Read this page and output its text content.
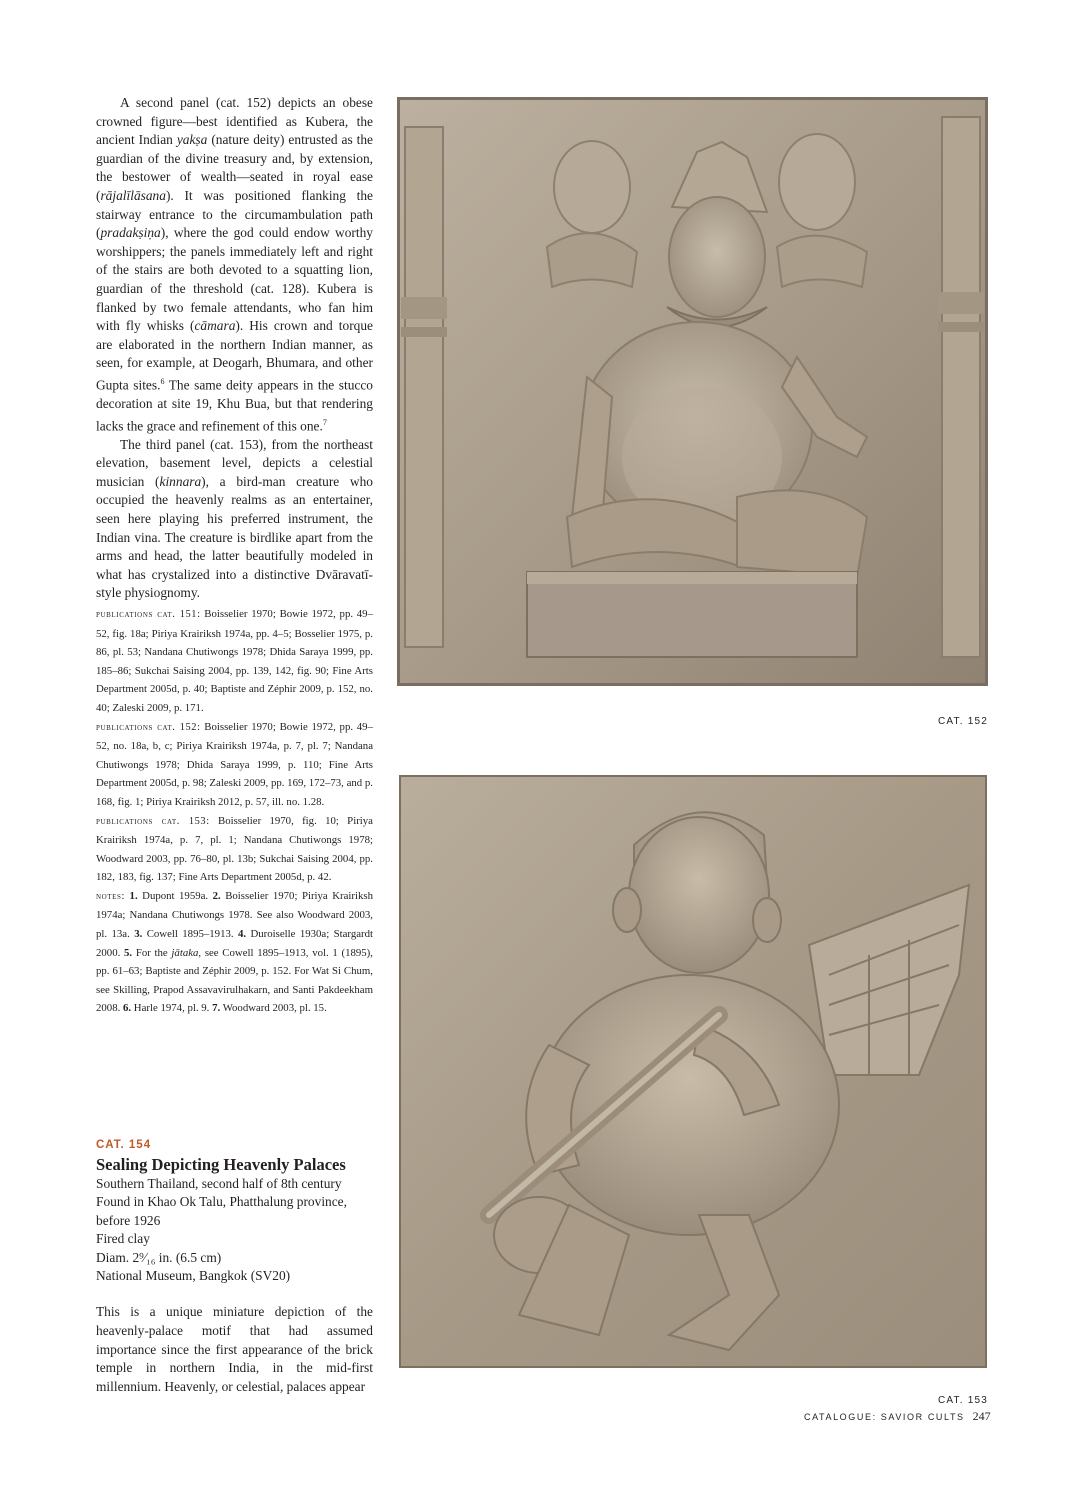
A second panel (cat. 152) depicts an obese crowned figure—best identified as Kubera, the ancient Indian yakṣa (nature deity) entrusted as the guardian of the divine treasury and, by extension, the bestower of wealth—seated in royal ease (rājalīlāsana). It was positioned flanking the stairway entrance to the circumambulation path (pradakṣiṇa), where the god could endow worthy worshippers; the panels immediately left and right of the stairs are both devoted to a squatting lion, guardian of the threshold (cat. 128). Kubera is flanked by two female attendants, who fan him with fly whisks (cāmara). His crown and torque are elaborated in the northern Indian manner, as seen, for example, at Deogarh, Bhumara, and other Gupta sites.$^6$ The same deity appears in the stucco decoration at site 19, Khu Bua, but that rendering lacks the grace and refinement of this one.$^7$

The third panel (cat. 153), from the northeast elevation, basement level, depicts a celestial musician (kinnara), a bird-man creature who occupied the heavenly realms as an entertainer, seen here playing his preferred instrument, the Indian vina. The creature is birdlike apart from the arms and head, the latter beautifully modeled in what has crystalized into a distinctive Dvāravatī-style physiognomy.

publications cat. 151: Boisselier 1970; Bowie 1972, pp. 49–52, fig. 18a; Piriya Krairiksh 1974a, pp. 4–5; Bosselier 1975, p. 86, pl. 53; Nandana Chutiwongs 1978; Dhida Saraya 1999, pp. 185–86; Sukchai Saising 2004, pp. 139, 142, fig. 90; Fine Arts Department 2005d, p. 40; Baptiste and Zéphir 2009, p. 152, no. 40; Zaleski 2009, p. 171.

publications cat. 152: Boisselier 1970; Bowie 1972, pp. 49–52, no. 18a, b, c; Piriya Krairiksh 1974a, p. 7, pl. 7; Nandana Chutiwongs 1978; Dhida Saraya 1999, p. 110; Fine Arts Department 2005d, p. 98; Zaleski 2009, pp. 169, 172–73, and p. 168, fig. 1; Piriya Krairiksh 2012, p. 57, ill. no. 1.28.

publications cat. 153: Boisselier 1970, fig. 10; Piriya Krairiksh 1974a, p. 7, pl. 1; Nandana Chutiwongs 1978; Woodward 2003, pp. 76–80, pl. 13b; Sukchai Saising 2004, pp. 182, 183, fig. 137; Fine Arts Department 2005d, p. 42.

notes: 1. Dupont 1959a. 2. Boisselier 1970; Piriya Krairiksh 1974a; Nandana Chutiwongs 1978. See also Woodward 2003, pl. 13a. 3. Cowell 1895–1913. 4. Duroiselle 1930a; Stargardt 2000. 5. For the jātaka, see Cowell 1895–1913, vol. 1 (1895), pp. 61–63; Baptiste and Zéphir 2009, p. 152. For Wat Si Chum, see Skilling, Prapod Assavavirulhakarn, and Santi Pakdeekham 2008. 6. Harle 1974, pl. 9. 7. Woodward 2003, pl. 15.

CAT. 154
Sealing Depicting Heavenly Palaces
Southern Thailand, second half of 8th century
Found in Khao Ok Talu, Phatthalung province, before 1926
Fired clay
Diam. 2⁹⁄₁₆ in. (6.5 cm)
National Museum, Bangkok (SV20)

This is a unique miniature depiction of the heavenly-palace motif that had assumed importance since the first appearance of the brick temple in northern India, in the mid-first millennium. Heavenly, or celestial, palaces appear

CAT. 152
CAT. 153
CATALOGUE: SAVIOR CULTS 247
